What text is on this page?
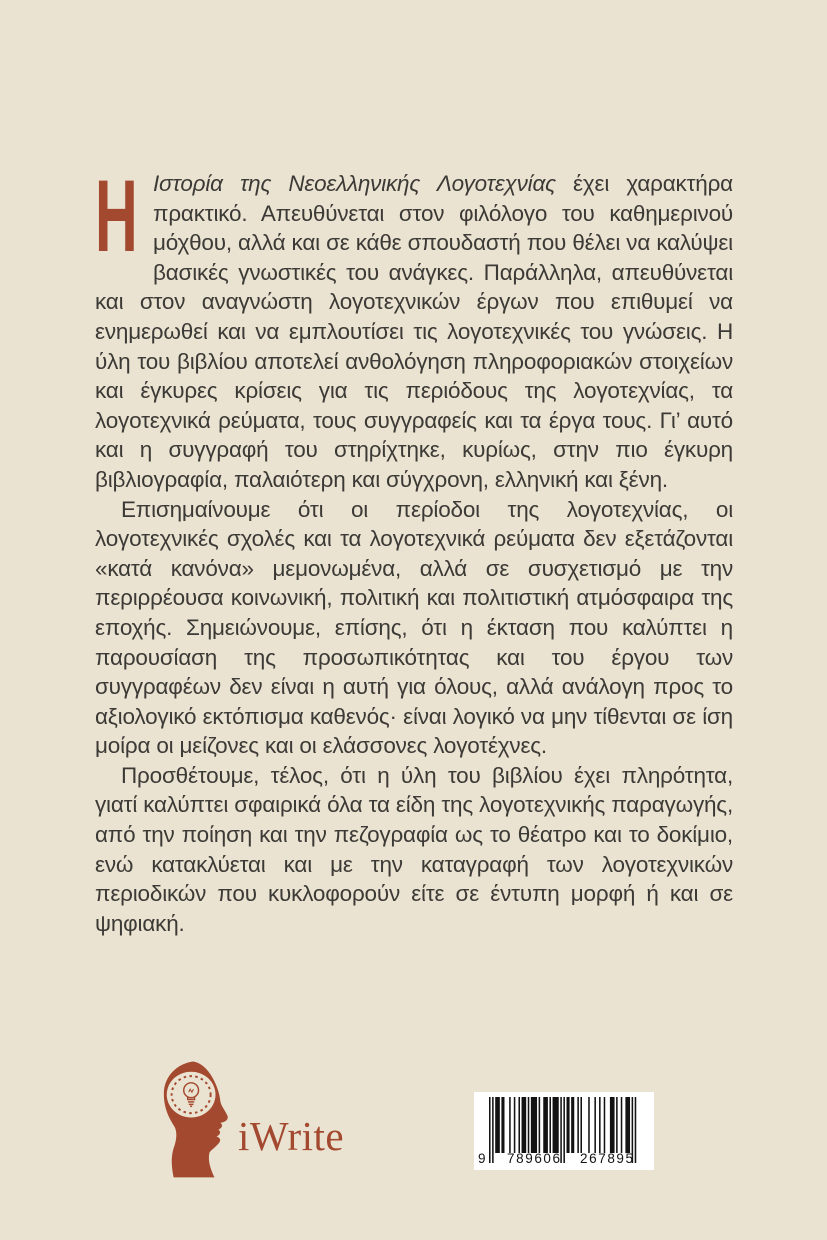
Η Ιστορία της Νεοελληνικής Λογοτεχνίας έχει χαρακτήρα πρακτικό. Απευθύνεται στον φιλόλογο του καθημερινού μόχθου, αλλά και σε κάθε σπουδαστή που θέλει να καλύψει βασικές γνωστικές του ανάγκες. Παράλληλα, απευθύνεται και στον αναγνώστη λογοτεχνικών έργων που επιθυμεί να ενημερωθεί και να εμπλουτίσει τις λογοτεχνικές του γνώσεις. Η ύλη του βιβλίου αποτελεί ανθολόγηση πληροφοριακών στοιχείων και έγκυρες κρίσεις για τις περιόδους της λογοτεχνίας, τα λογοτεχνικά ρεύματα, τους συγγραφείς και τα έργα τους. Γι’ αυτό και η συγγραφή του στηρίχτηκε, κυρίως, στην πιο έγκυρη βιβλιογραφία, παλαιότερη και σύγχρονη, ελληνική και ξένη.

Επισημαίνουμε ότι οι περίοδοι της λογοτεχνίας, οι λογοτεχνικές σχολές και τα λογοτεχνικά ρεύματα δεν εξετάζονται «κατά κανόνα» μεμονωμένα, αλλά σε συσχετισμό με την περιρρέουσα κοινωνική, πολιτική και πολιτιστική ατμόσφαιρα της εποχής. Σημειώνουμε, επίσης, ότι η έκταση που καλύπτει η παρουσίαση της προσωπικότητας και του έργου των συγγραφέων δεν είναι η αυτή για όλους, αλλά ανάλογη προς το αξιολογικό εκτόπισμα καθενός· είναι λογικό να μην τίθενται σε ίση μοίρα οι μείζονες και οι ελάσσονες λογοτέχνες.

Προσθέτουμε, τέλος, ότι η ύλη του βιβλίου έχει πληρότητα, γιατί καλύπτει σφαιρικά όλα τα είδη της λογοτεχνικής παραγωγής, από την ποίηση και την πεζογραφία ως το θέατρο και το δοκίμιο, ενώ κατακλύεται και με την καταγραφή των λογοτεχνικών περιοδικών που κυκλοφορούν είτε σε έντυπη μορφή ή και σε ψηφιακή.

iWrite	9 789606 267895
